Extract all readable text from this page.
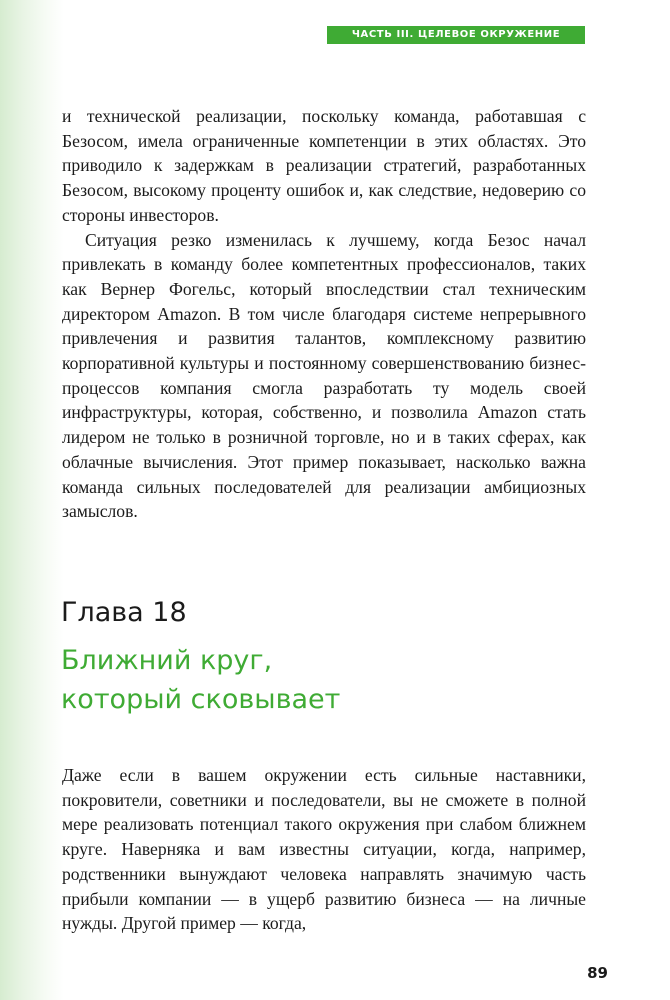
ЧАСТЬ III. ЦЕЛЕВОЕ ОКРУЖЕНИЕ

и технической реализации, поскольку команда, работавшая с Безосом, имела ограниченные компетенции в этих областях. Это приводило к задержкам в реализации стратегий, разработанных Безосом, высокому проценту ошибок и, как следствие, недоверию со стороны инвесторов.

Ситуация резко изменилась к лучшему, когда Безос начал привлекать в команду более компетентных профессионалов, таких как Вернер Фогельс, который впоследствии стал техническим директором Amazon. В том числе благодаря системе непрерывного привлечения и развития талантов, комплексному развитию корпоративной культуры и постоянному совершенствованию бизнес-процессов компания смогла разработать ту модель своей инфраструктуры, которая, собственно, и позволила Amazon стать лидером не только в розничной торговле, но и в таких сферах, как облачные вычисления. Этот пример показывает, насколько важна команда сильных последователей для реализации амбициозных замыслов.

Глава 18
Ближний круг,
который сковывает

Даже если в вашем окружении есть сильные наставники, покровители, советники и последователи, вы не сможете в полной мере реализовать потенциал такого окружения при слабом ближнем круге. Наверняка и вам известны ситуации, когда, например, родственники вынуждают человека направлять значимую часть прибыли компании — в ущерб развитию бизнеса — на личные нужды. Другой пример — когда,

89
